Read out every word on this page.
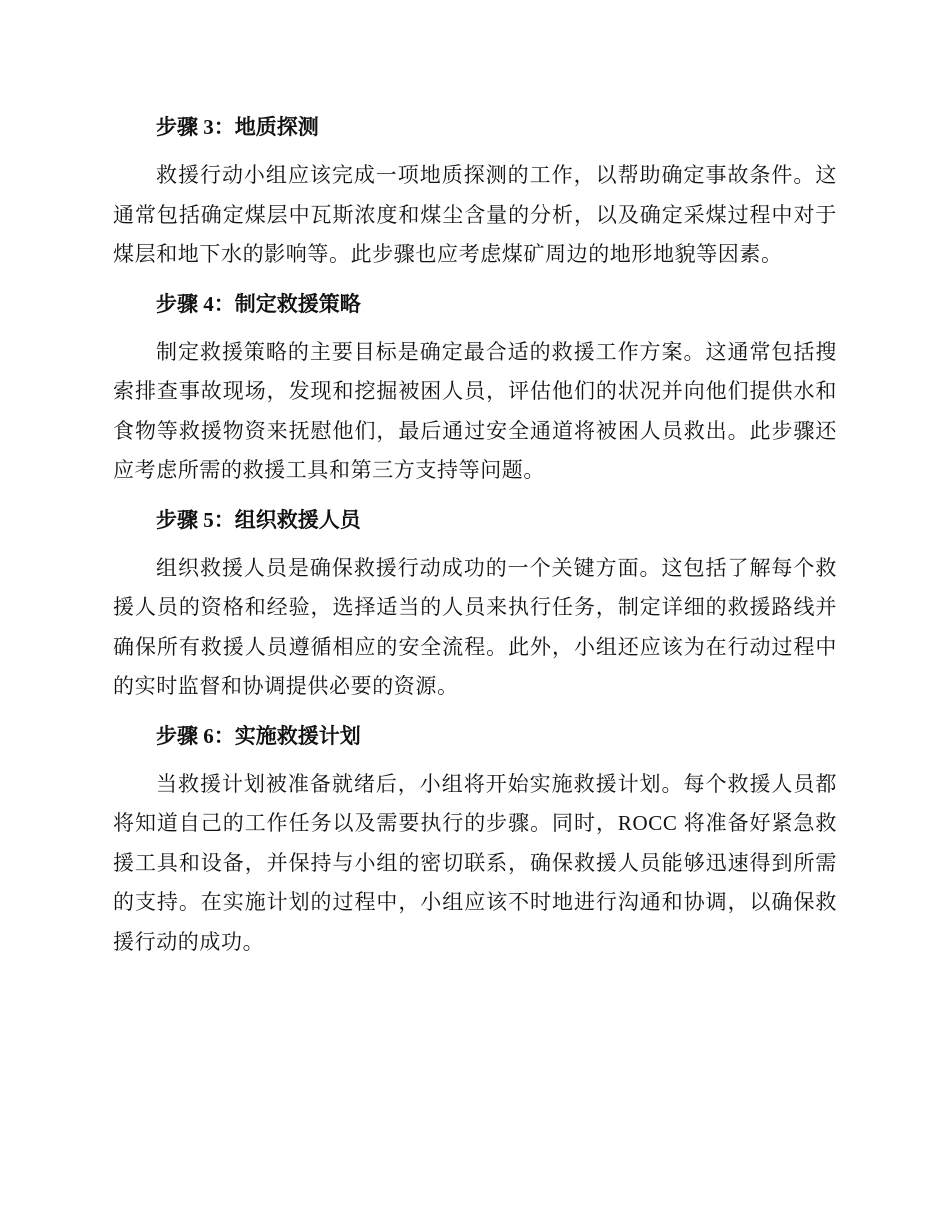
步骤 3：地质探测

救援行动小组应该完成一项地质探测的工作，以帮助确定事故条件。这通常包括确定煤层中瓦斯浓度和煤尘含量的分析，以及确定采煤过程中对于煤层和地下水的影响等。此步骤也应考虑煤矿周边的地形地貌等因素。

步骤 4：制定救援策略

制定救援策略的主要目标是确定最合适的救援工作方案。这通常包括搜索排查事故现场，发现和挖掘被困人员，评估他们的状况并向他们提供水和食物等救援物资来抚慰他们，最后通过安全通道将被困人员救出。此步骤还应考虑所需的救援工具和第三方支持等问题。

步骤 5：组织救援人员

组织救援人员是确保救援行动成功的一个关键方面。这包括了解每个救援人员的资格和经验，选择适当的人员来执行任务，制定详细的救援路线并确保所有救援人员遵循相应的安全流程。此外，小组还应该为在行动过程中的实时监督和协调提供必要的资源。

步骤 6：实施救援计划

当救援计划被准备就绪后，小组将开始实施救援计划。每个救援人员都将知道自己的工作任务以及需要执行的步骤。同时，ROCC 将准备好紧急救援工具和设备，并保持与小组的密切联系，确保救援人员能够迅速得到所需的支持。在实施计划的过程中，小组应该不时地进行沟通和协调，以确保救援行动的成功。
